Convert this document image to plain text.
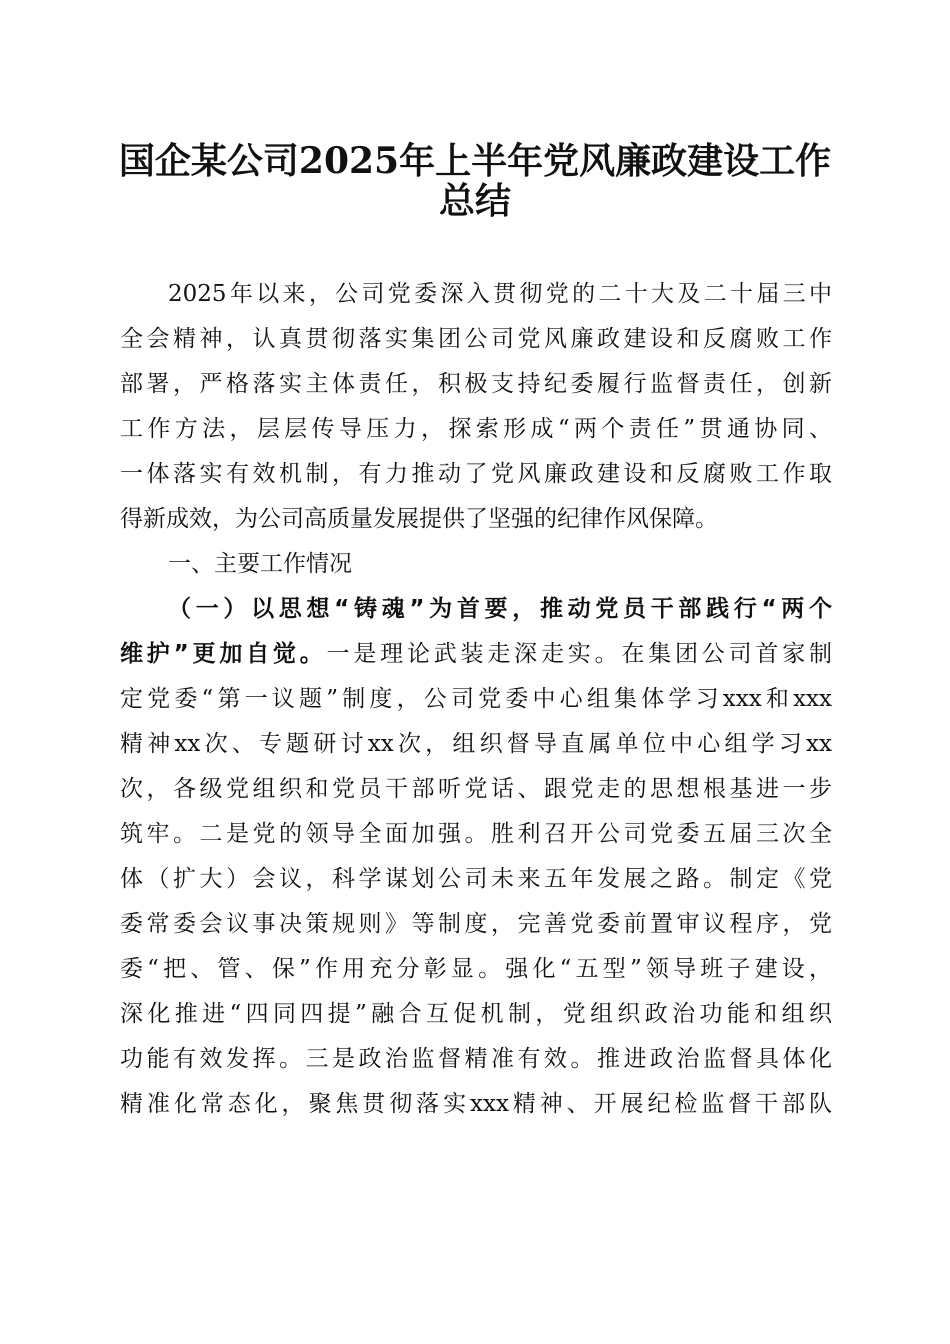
国企某公司2025年上半年党风廉政建设工作
总结
2025年以来，公司党委深入贯彻党的二十大及二十届三中
全会精神，认真贯彻落实集团公司党风廉政建设和反腐败工作
部署，严格落实主体责任，积极支持纪委履行监督责任，创新
工作方法，层层传导压力，探索形成“两个责任”贯通协同、
一体落实有效机制，有力推动了党风廉政建设和反腐败工作取
得新成效，为公司高质量发展提供了坚强的纪律作风保障。
一、主要工作情况
（一）以思想“铸魂”为首要，推动党员干部践行“两个
维护”更加自觉。一是理论武装走深走实。在集团公司首家制
定党委“第一议题”制度，公司党委中心组集体学习xxx和xxx
精神xx次、专题研讨xx次，组织督导直属单位中心组学习xx
次，各级党组织和党员干部听党话、跟党走的思想根基进一步
筑牢。二是党的领导全面加强。胜利召开公司党委五届三次全
体（扩大）会议，科学谋划公司未来五年发展之路。制定《党
委常委会议事决策规则》等制度，完善党委前置审议程序，党
委“把、管、保”作用充分彰显。强化“五型”领导班子建设，
深化推进“四同四提”融合互促机制，党组织政治功能和组织
功能有效发挥。三是政治监督精准有效。推进政治监督具体化
精准化常态化，聚焦贯彻落实xxx精神、开展纪检监督干部队
